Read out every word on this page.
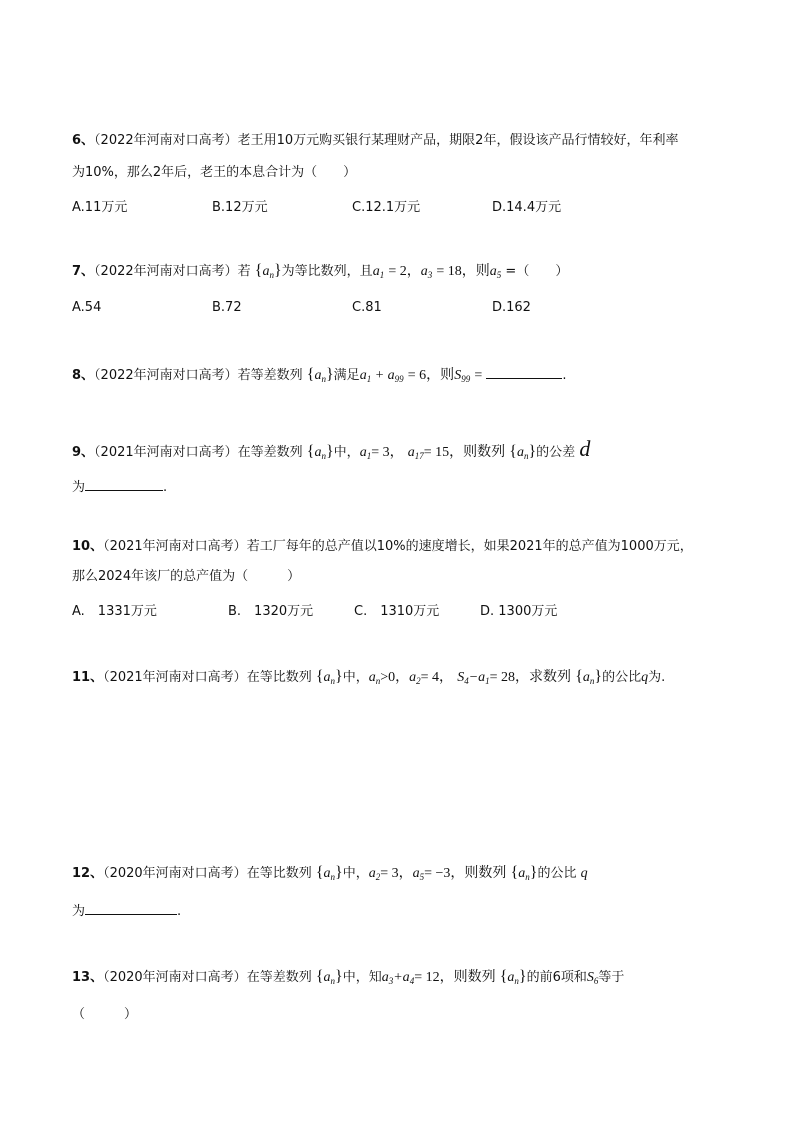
6、（2022年河南对口高考）老王用10万元购买银行某理财产品，期限2年，假设该产品行情较好，年利率
为10%，那么2年后，老王的本息合计为（　　）
A.11万元	B.12万元	C.12.1万元	D.14.4万元
7、（2022年河南对口高考）若 $\{a_n\}$为等比数列，且$a_1 = 2$，$a_3 = 18$，则$a_5$ =（　　）
A.54	B.72	C.81	D.162
8、（2022年河南对口高考）若等差数列 $\{a_n\}$满足$a_1 + a_{99} = 6$，则$S_{99}$ =	.
9、（2021年河南对口高考）在等差数列 $\{a_n\}$中，$a_1= 3$， $a_{17}= 15$，则数列 $\{a_n\}$的公差 d
为	.
10、（2021年河南对口高考）若工厂每年的总产值以10%的速度增长，如果2021年的总产值为1000万元，
那么2024年该厂的总产值为（　　　）
A.　1331万元	B.　1320万元	C.　1310万元	D. 1300万元
11、（2021年河南对口高考）在等比数列 $\{a_n\}$中，$a_n>0$，$a_2= 4$， $S_4-a_1= 28$，求数列 $\{a_n\}$的公比q为.
12、（2020年河南对口高考）在等比数列 $\{a_n\}$中，$a_2= 3$，$a_5= -3$，则数列 $\{a_n\}$的公比 q
为	.
13、（2020年河南对口高考）在等差数列 $\{a_n\}$中，知$a_3+a_4= 12$，则数列 $\{a_n\}$的前6项和$S_6$等于
（　　　）
